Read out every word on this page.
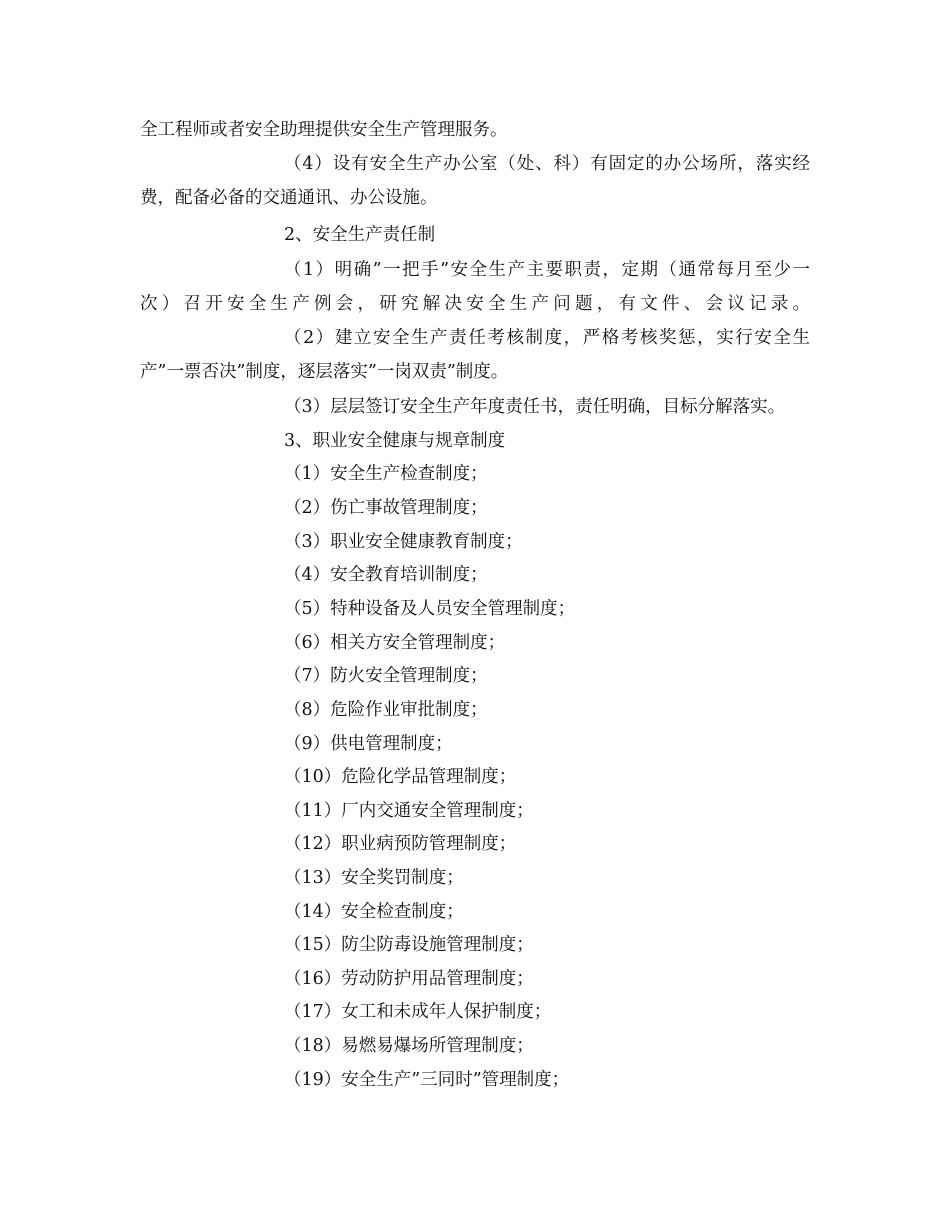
全工程师或者安全助理提供安全生产管理服务。

（4）设有安全生产办公室（处、科）有固定的办公场所，落实经

费，配备必备的交通通讯、办公设施。

2、安全生产责任制

（1）明确”一把手”安全生产主要职责，定期（通常每月至少一

次）召开安全生产例会，研究解决安全生产问题，有文件、会议记录。

（2）建立安全生产责任考核制度，严格考核奖惩，实行安全生

产”一票否决”制度，逐层落实”一岗双责”制度。

（3）层层签订安全生产年度责任书，责任明确，目标分解落实。

3、职业安全健康与规章制度

（1）安全生产检查制度；

（2）伤亡事故管理制度；

（3）职业安全健康教育制度；

（4）安全教育培训制度；

（5）特种设备及人员安全管理制度；

（6）相关方安全管理制度；

（7）防火安全管理制度；

（8）危险作业审批制度；

（9）供电管理制度；

（10）危险化学品管理制度；

（11）厂内交通安全管理制度；

（12）职业病预防管理制度；

（13）安全奖罚制度；

（14）安全检查制度；

（15）防尘防毒设施管理制度；

（16）劳动防护用品管理制度；

（17）女工和未成年人保护制度；

（18）易燃易爆场所管理制度；

（19）安全生产”三同时”管理制度；
